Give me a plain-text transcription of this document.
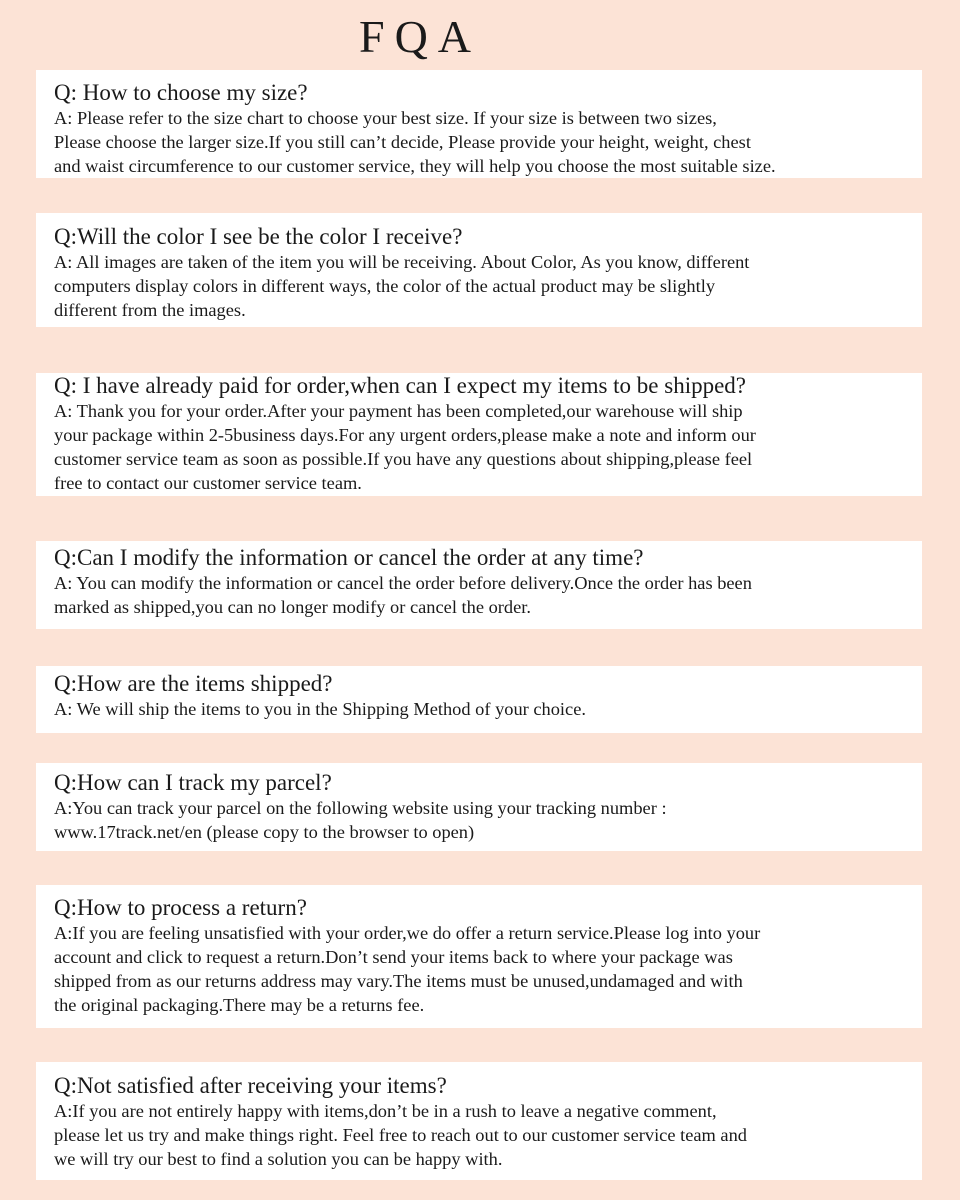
FQA
Q: How to choose my size?
A: Please refer to the size chart to choose your best size. If your size is between two sizes,
Please choose the larger size.If you still can’t decide, Please provide your height, weight, chest
and waist circumference to our customer service, they will help you choose the most suitable size.
Q:Will the color I see be the color I receive?
A: All images are taken of the item you will be receiving. About Color, As you know, different
computers display colors in different ways, the color of the actual product may be slightly
different from the images.
Q: I have already paid for order,when can I expect my items to be shipped?
A: Thank you for your order.After your payment has been completed,our warehouse will ship
your package within 2-5business days.For any urgent orders,please make a note and inform our
customer service team as soon as possible.If you have any questions about shipping,please feel
free to contact our customer service team.
Q:Can I modify the information or cancel the order at any time?
A: You can modify the information or cancel the order before delivery.Once the order has been
marked as shipped,you can no longer modify or cancel the order.
Q:How are the items shipped?
A: We will ship the items to you in the Shipping Method of your choice.
Q:How can I track my parcel?
A:You can track your parcel on the following website using your tracking number :
www.17track.net/en (please copy to the browser to open)
Q:How to process a return?
A:If you are feeling unsatisfied with your order,we do offer a return service.Please log into your
account and click to request a return.Don’t send your items back to where your package was
shipped from as our returns address may vary.The items must be unused,undamaged and with
the original packaging.There may be a returns fee.
Q:Not satisfied after receiving your items?
A:If you are not entirely happy with items,don’t be in a rush to leave a negative comment,
please let us try and make things right. Feel free to reach out to our customer service team and
we will try our best to find a solution you can be happy with.
